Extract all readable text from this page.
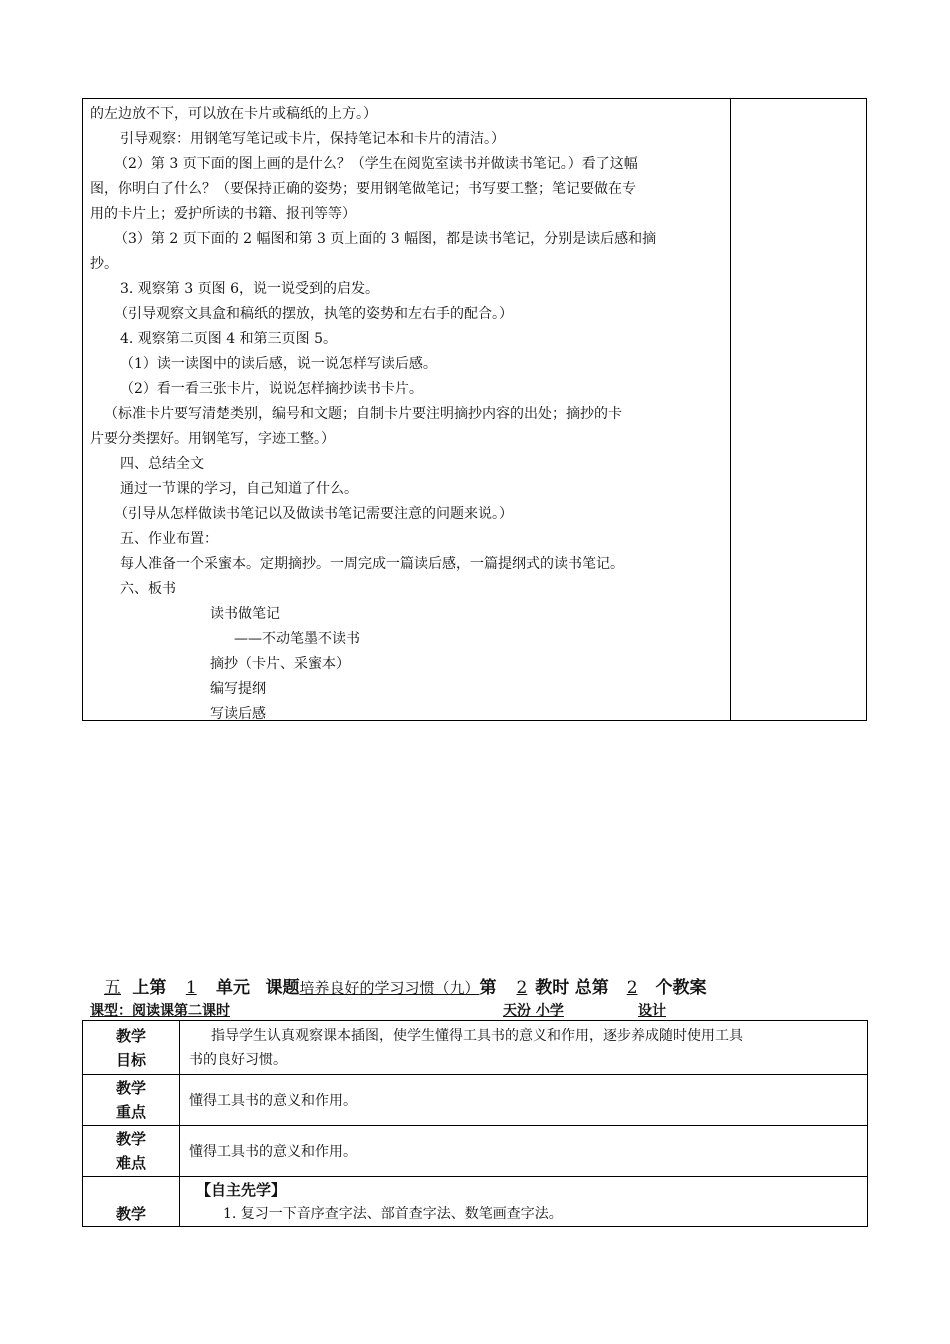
的左边放不下，可以放在卡片或稿纸的上方。）
引导观察：用钢笔写笔记或卡片，保持笔记本和卡片的清洁。）
（2）第 3 页下面的图上画的是什么？（学生在阅览室读书并做读书笔记。）看了这幅
图，你明白了什么？（要保持正确的姿势；要用钢笔做笔记；书写要工整；笔记要做在专
用的卡片上；爱护所读的书籍、报刊等等）
（3）第 2 页下面的 2 幅图和第 3 页上面的 3 幅图，都是读书笔记，分别是读后感和摘
抄。
3. 观察第 3 页图 6，说一说受到的启发。
（引导观察文具盒和稿纸的摆放，执笔的姿势和左右手的配合。）
4. 观察第二页图 4 和第三页图 5。
（1）读一读图中的读后感，说一说怎样写读后感。
（2）看一看三张卡片，说说怎样摘抄读书卡片。
（标准卡片要写清楚类别，编号和文题；自制卡片要注明摘抄内容的出处；摘抄的卡
片要分类摆好。用钢笔写，字迹工整。）
四、总结全文
通过一节课的学习，自己知道了什么。
（引导从怎样做读书笔记以及做读书笔记需要注意的问题来说。）
五、作业布置：
每人准备一个采蜜本。定期摘抄。一周完成一篇读后感，一篇提纲式的读书笔记。
六、板书
读书做笔记
——不动笔墨不读书
摘抄（卡片、采蜜本）
编写提纲
写读后感
五 上第 1 单元 课题培养良好的学习习惯（九）第 2 教时 总第 2 个教案
课型：阅读课第二课时	天汾 小学	设计
教学
目标
指导学生认真观察课本插图，使学生懂得工具书的意义和作用，逐步养成随时使用工具
书的良好习惯。
教学
重点
懂得工具书的意义和作用。
教学
难点
懂得工具书的意义和作用。
教学
【自主先学】
1. 复习一下音序查字法、部首查字法、数笔画查字法。
